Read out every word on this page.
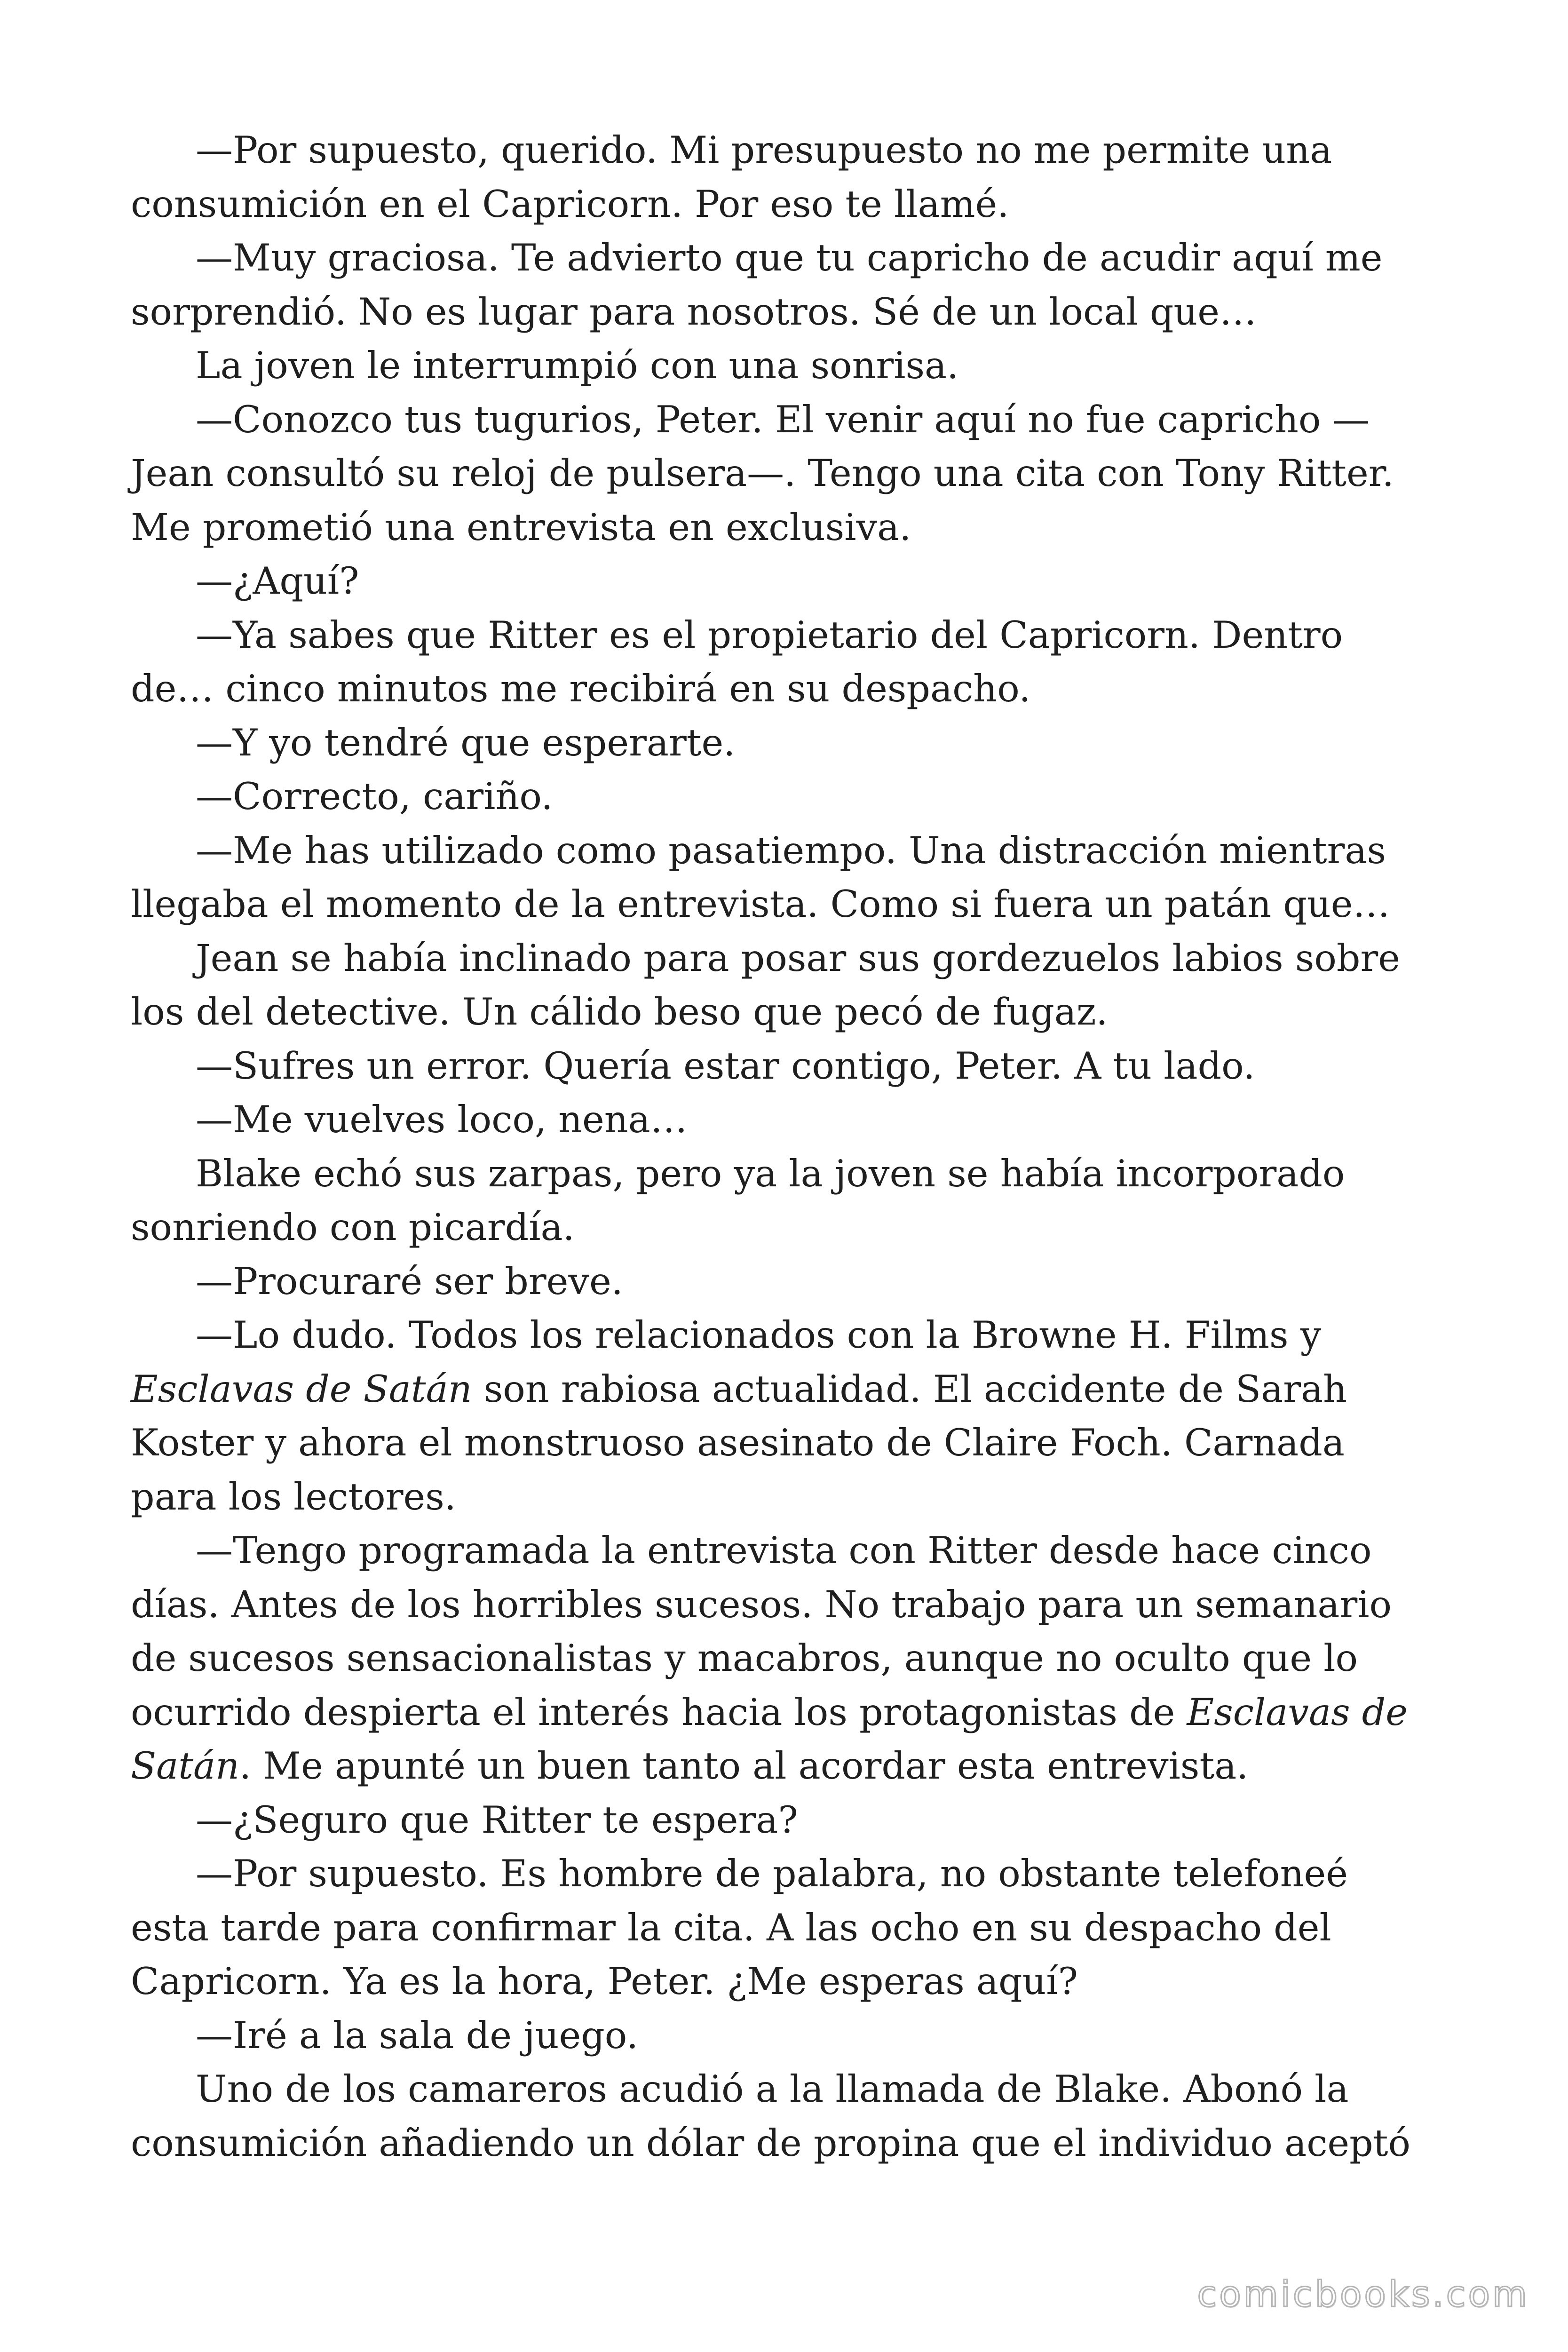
—Por supuesto, querido. Mi presupuesto no me permite una
consumición en el Capricorn. Por eso te llamé.

—Muy graciosa. Te advierto que tu capricho de acudir aquí me
sorprendió. No es lugar para nosotros. Sé de un local que…

La joven le interrumpió con una sonrisa.

—Conozco tus tugurios, Peter. El venir aquí no fue capricho —
Jean consultó su reloj de pulsera—. Tengo una cita con Tony Ritter.
Me prometió una entrevista en exclusiva.

—¿Aquí?

—Ya sabes que Ritter es el propietario del Capricorn. Dentro
de… cinco minutos me recibirá en su despacho.

—Y yo tendré que esperarte.

—Correcto, cariño.

—Me has utilizado como pasatiempo. Una distracción mientras
llegaba el momento de la entrevista. Como si fuera un patán que…

Jean se había inclinado para posar sus gordezuelos labios sobre
los del detective. Un cálido beso que pecó de fugaz.

—Sufres un error. Quería estar contigo, Peter. A tu lado.

—Me vuelves loco, nena…

Blake echó sus zarpas, pero ya la joven se había incorporado
sonriendo con picardía.

—Procuraré ser breve.

—Lo dudo. Todos los relacionados con la Browne H. Films y
Esclavas de Satán son rabiosa actualidad. El accidente de Sarah
Koster y ahora el monstruoso asesinato de Claire Foch. Carnada
para los lectores.

—Tengo programada la entrevista con Ritter desde hace cinco
días. Antes de los horribles sucesos. No trabajo para un semanario
de sucesos sensacionalistas y macabros, aunque no oculto que lo
ocurrido despierta el interés hacia los protagonistas de Esclavas de
Satán. Me apunté un buen tanto al acordar esta entrevista.

—¿Seguro que Ritter te espera?

—Por supuesto. Es hombre de palabra, no obstante telefoneé
esta tarde para confirmar la cita. A las ocho en su despacho del
Capricorn. Ya es la hora, Peter. ¿Me esperas aquí?

—Iré a la sala de juego.

Uno de los camareros acudió a la llamada de Blake. Abonó la
consumición añadiendo un dólar de propina que el individuo aceptó

comicbooks.com
